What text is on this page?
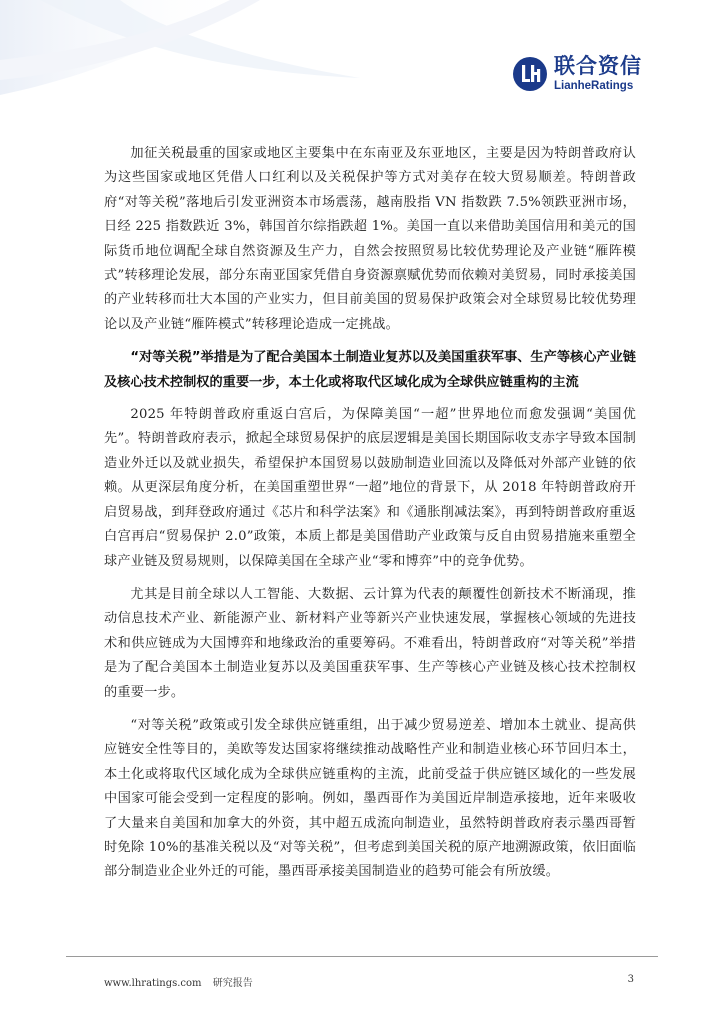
联合资信
LianheRatings

加征关税最重的国家或地区主要集中在东南亚及东亚地区，主要是因为特朗普政府认为这些国家或地区凭借人口红利以及关税保护等方式对美存在较大贸易顺差。特朗普政府“对等关税”落地后引发亚洲资本市场震荡，越南股指 VN 指数跌 7.5%领跌亚洲市场，日经 225 指数跌近 3%，韩国首尔综指跌超 1%。美国一直以来借助美国信用和美元的国际货币地位调配全球自然资源及生产力，自然会按照贸易比较优势理论及产业链“雁阵模式”转移理论发展，部分东南亚国家凭借自身资源禀赋优势而依赖对美贸易，同时承接美国的产业转移而壮大本国的产业实力，但目前美国的贸易保护政策会对全球贸易比较优势理论以及产业链“雁阵模式”转移理论造成一定挑战。

“对等关税”举措是为了配合美国本土制造业复苏以及美国重获军事、生产等核心产业链及核心技术控制权的重要一步，本土化或将取代区域化成为全球供应链重构的主流

2025 年特朗普政府重返白宫后，为保障美国“一超”世界地位而愈发强调“美国优先”。特朗普政府表示，掀起全球贸易保护的底层逻辑是美国长期国际收支赤字导致本国制造业外迁以及就业损失，希望保护本国贸易以鼓励制造业回流以及降低对外部产业链的依赖。从更深层角度分析，在美国重塑世界“一超”地位的背景下，从 2018 年特朗普政府开启贸易战，到拜登政府通过《芯片和科学法案》和《通胀削减法案》，再到特朗普政府重返白宫再启“贸易保护 2.0”政策，本质上都是美国借助产业政策与反自由贸易措施来重塑全球产业链及贸易规则，以保障美国在全球产业“零和博弈”中的竞争优势。

尤其是目前全球以人工智能、大数据、云计算为代表的颠覆性创新技术不断涌现，推动信息技术产业、新能源产业、新材料产业等新兴产业快速发展，掌握核心领域的先进技术和供应链成为大国博弈和地缘政治的重要筹码。不难看出，特朗普政府“对等关税”举措是为了配合美国本土制造业复苏以及美国重获军事、生产等核心产业链及核心技术控制权的重要一步。

“对等关税”政策或引发全球供应链重组，出于减少贸易逆差、增加本土就业、提高供应链安全性等目的，美欧等发达国家将继续推动战略性产业和制造业核心环节回归本土，本土化或将取代区域化成为全球供应链重构的主流，此前受益于供应链区域化的一些发展中国家可能会受到一定程度的影响。例如，墨西哥作为美国近岸制造承接地，近年来吸收了大量来自美国和加拿大的外资，其中超五成流向制造业，虽然特朗普政府表示墨西哥暂时免除 10%的基准关税以及“对等关税”，但考虑到美国关税的原产地溯源政策，依旧面临部分制造业企业外迁的可能，墨西哥承接美国制造业的趋势可能会有所放缓。

www.lhratings.com 研究报告	3
